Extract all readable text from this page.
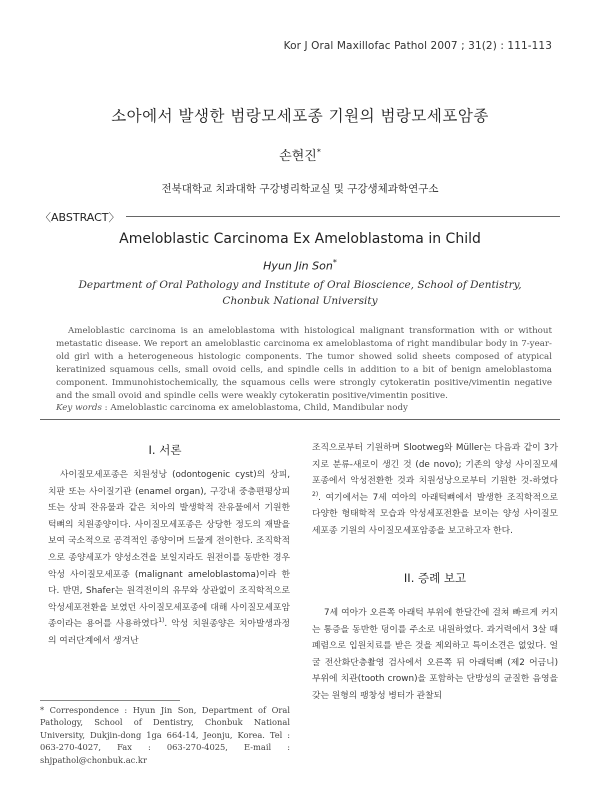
Kor J Oral Maxillofac Pathol 2007 ; 31(2) : 111-113
소아에서 발생한 범랑모세포종 기원의 범랑모세포암종
손현진*
전북대학교 치과대학 구강병리학교실 및 구강생체과학연구소
〈ABSTRACT〉
Ameloblastic Carcinoma Ex Ameloblastoma in Child
Hyun Jin Son*
Department of Oral Pathology and Institute of Oral Bioscience, School of Dentistry,
Chonbuk National University
Ameloblastic carcinoma is an ameloblastoma with histological malignant transformation with or without metastatic disease. We report an ameloblastic carcinoma ex ameloblastoma of right mandibular body in 7-year-old girl with a heterogeneous histologic components. The tumor showed solid sheets composed of atypical keratinized squamous cells, small ovoid cells, and spindle cells in addition to a bit of benign ameloblastoma component. Immunohistochemically, the squamous cells were strongly cytokeratin positive/vimentin negative and the small ovoid and spindle cells were weakly cytokeratin positive/vimentin positive.
Key words : Ameloblastic carcinoma ex ameloblastoma, Child, Mandibular nody
I. 서론

사이질모세포종은 치원성낭 (odontogenic cyst)의 상피, 치판 또는 사이질기관 (enamel organ), 구강내 중층편평상피 또는 상피 잔유물과 같은 치아의 발생학적 잔유물에서 기원한 턱뼈의 치원종양이다. 사이질모세포종은 상당한 정도의 재발을 보여 국소적으로 공격적인 종양이며 드물게 전이한다. 조직학적으로 종양세포가 양성소견을 보일지라도 원전이를 동반한 경우 악성 사이질모세포종 (malignant ameloblastoma)이라 한다. 반면, Shafer는 원격전이의 유무와 상관없이 조직학적으로 악성세포전환을 보였던 사이질모세포종에 대해 사이질모세포암종이라는 용어를 사용하였다$^{1)}$. 악성 치원종양은 치아발생과정의 여러단계에서 생겨난

조직으로부터 기원하며 Slootweg와 Müller는 다음과 같이 3가지로 분류-새로이 생긴 것 (de novo); 기존의 양성 사이질모세포종에서 악성전환한 것과 치원성낭으로부터 기원한 것-하였다$^{2)}$. 여기에서는 7세 여아의 아래턱뼈에서 발생한 조직학적으로 다양한 형태학적 모습과 악성세포전환을 보이는 양성 사이질모세포종 기원의 사이질모세포암종을 보고하고자 한다.

II. 증례 보고

7세 여아가 오른쪽 아래턱 부위에 한달간에 걸쳐 빠르게 커지는 통증을 동반한 덩이를 주소로 내원하였다. 과거력에서 3살 때 폐렴으로 입원치료를 받은 것을 제외하고 특이소견은 없었다. 얼굴 전산화단층촬영 검사에서 오른쪽 뒤 아래턱뼈 (제2 어금니) 부위에 치관(tooth crown)을 포함하는 단방성의 균질한 음영을 갖는 원형의 팽창성 병터가 관찰되

* Correspondence : Hyun Jin Son, Department of Oral Pathology, School of Dentistry, Chonbuk National University, Dukjin-dong 1ga 664-14, Jeonju, Korea. Tel : 063-270-4027, Fax : 063-270-4025, E-mail : shjpathol@chonbuk.ac.kr
